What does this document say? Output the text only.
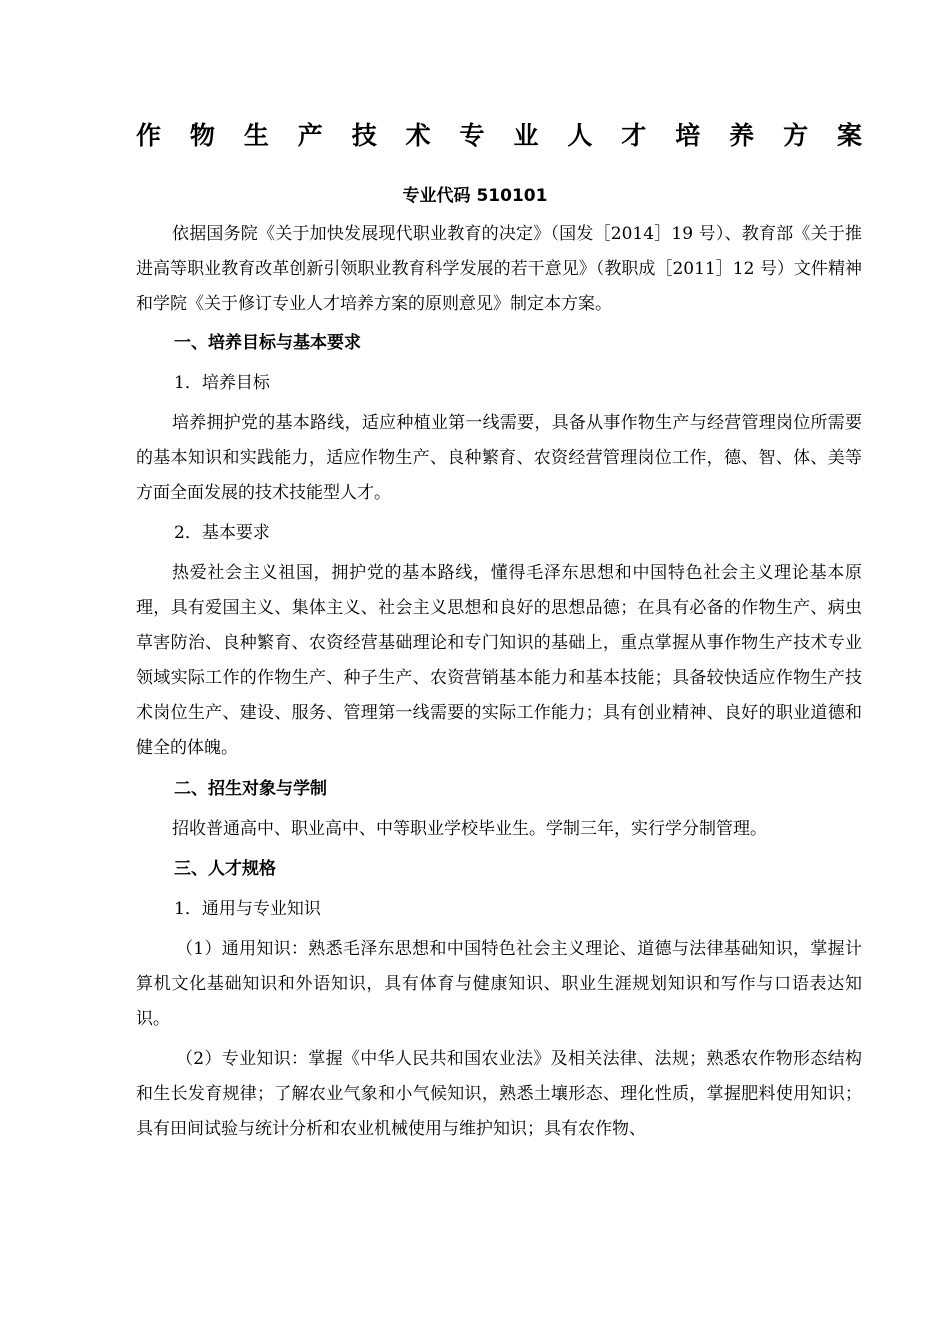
作 物 生 产 技 术 专 业 人 才 培 养 方 案
专业代码 510101
依据国务院《关于加快发展现代职业教育的决定》（国发［2014］19 号）、教育部《关于推进高等职业教育改革创新引领职业教育科学发展的若干意见》（教职成［2011］12 号）文件精神和学院《关于修订专业人才培养方案的原则意见》制定本方案。
一、培养目标与基本要求
1．培养目标
培养拥护党的基本路线，适应种植业第一线需要，具备从事作物生产与经营管理岗位所需要的基本知识和实践能力，适应作物生产、良种繁育、农资经营管理岗位工作，德、智、体、美等方面全面发展的技术技能型人才。
2．基本要求
热爱社会主义祖国，拥护党的基本路线，懂得毛泽东思想和中国特色社会主义理论基本原理，具有爱国主义、集体主义、社会主义思想和良好的思想品德；在具有必备的作物生产、病虫草害防治、良种繁育、农资经营基础理论和专门知识的基础上，重点掌握从事作物生产技术专业领域实际工作的作物生产、种子生产、农资营销基本能力和基本技能；具备较快适应作物生产技术岗位生产、建设、服务、管理第一线需要的实际工作能力；具有创业精神、良好的职业道德和健全的体魄。
二、招生对象与学制
招收普通高中、职业高中、中等职业学校毕业生。学制三年，实行学分制管理。
三、人才规格
1．通用与专业知识
（1）通用知识：熟悉毛泽东思想和中国特色社会主义理论、道德与法律基础知识，掌握计算机文化基础知识和外语知识，具有体育与健康知识、职业生涯规划知识和写作与口语表达知识。
（2）专业知识：掌握《中华人民共和国农业法》及相关法律、法规；熟悉农作物形态结构和生长发育规律；了解农业气象和小气候知识，熟悉土壤形态、理化性质，掌握肥料使用知识；具有田间试验与统计分析和农业机械使用与维护知识；具有农作物、
